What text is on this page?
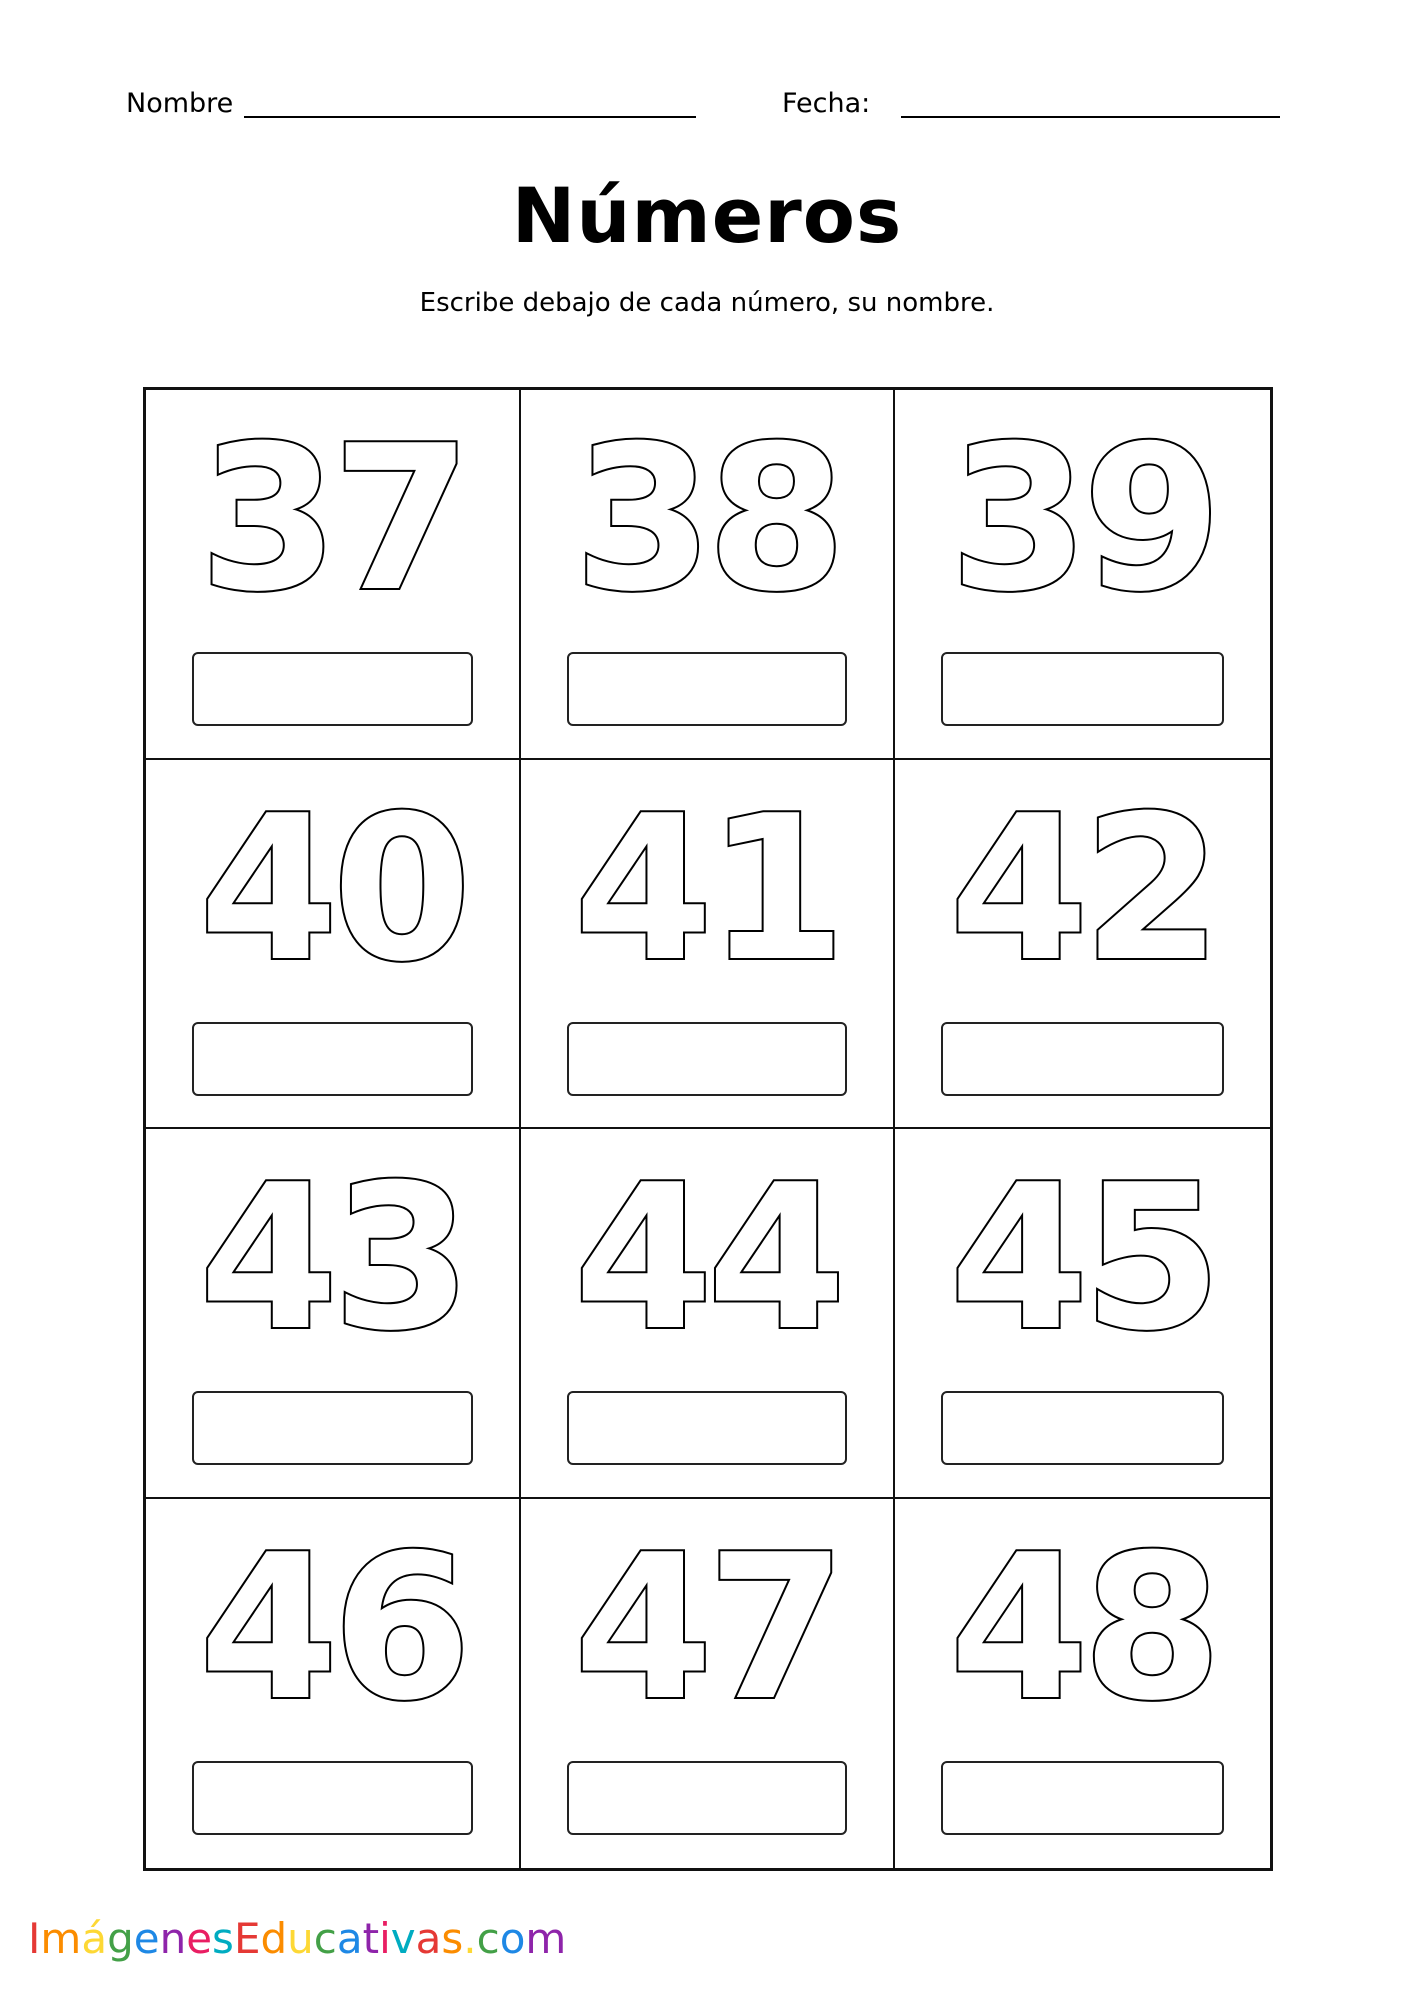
Nombre	Fecha:
Números
Escribe debajo de cada número, su nombre.
37 38 39
40 41 42
43 44 45
46 47 48
ImágenesEducativas.com
